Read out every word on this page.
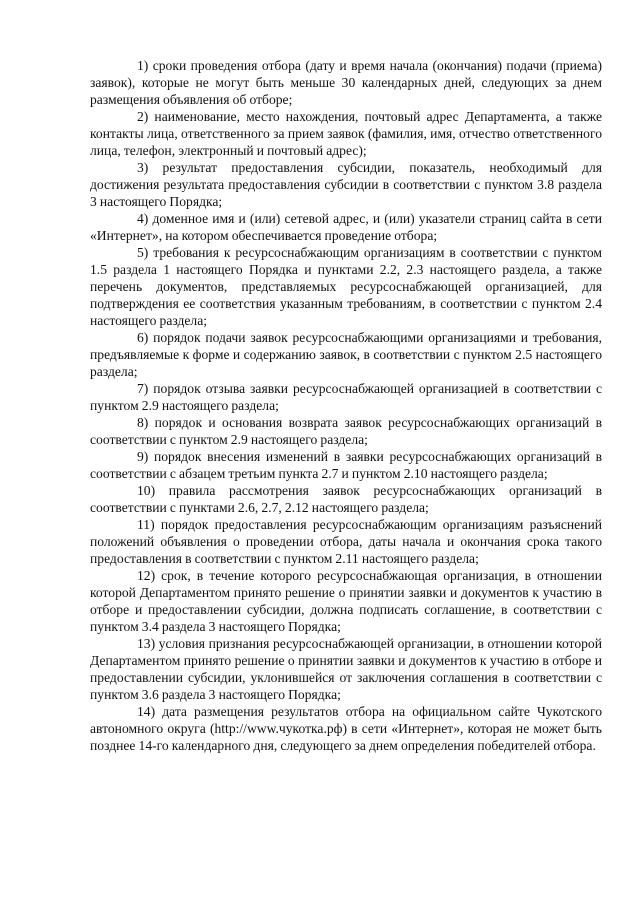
1) сроки проведения отбора (дату и время начала (окончания) подачи (приема) заявок), которые не могут быть меньше 30 календарных дней, следующих за днем размещения объявления об отборе;

2) наименование, место нахождения, почтовый адрес Департамента, а также контакты лица, ответственного за прием заявок (фамилия, имя, отчество ответственного лица, телефон, электронный и почтовый адрес);

3) результат предоставления субсидии, показатель, необходимый для достижения результата предоставления субсидии в соответствии с пунктом 3.8 раздела 3 настоящего Порядка;

4) доменное имя и (или) сетевой адрес, и (или) указатели страниц сайта в сети «Интернет», на котором обеспечивается проведение отбора;

5) требования к ресурсоснабжающим организациям в соответствии с пунктом 1.5 раздела 1 настоящего Порядка и пунктами 2.2, 2.3 настоящего раздела, а также перечень документов, представляемых ресурсоснабжающей организацией, для подтверждения ее соответствия указанным требованиям, в соответствии с пунктом 2.4 настоящего раздела;

6) порядок подачи заявок ресурсоснабжающими организациями и требования, предъявляемые к форме и содержанию заявок, в соответствии с пунктом 2.5 настоящего раздела;

7) порядок отзыва заявки ресурсоснабжающей организацией в соответствии с пунктом 2.9 настоящего раздела;

8) порядок и основания возврата заявок ресурсоснабжающих организаций в соответствии с пунктом 2.9 настоящего раздела;

9) порядок внесения изменений в заявки ресурсоснабжающих организаций в соответствии с абзацем третьим пункта 2.7 и пунктом 2.10 настоящего раздела;

10) правила рассмотрения заявок ресурсоснабжающих организаций в соответствии с пунктами 2.6, 2.7, 2.12 настоящего раздела;

11) порядок предоставления ресурсоснабжающим организациям разъяснений положений объявления о проведении отбора, даты начала и окончания срока такого предоставления в соответствии с пунктом 2.11 настоящего раздела;

12) срок, в течение которого ресурсоснабжающая организация, в отношении которой Департаментом принято решение о принятии заявки и документов к участию в отборе и предоставлении субсидии, должна подписать соглашение, в соответствии с пунктом 3.4 раздела 3 настоящего Порядка;

13) условия признания ресурсоснабжающей организации, в отношении которой Департаментом принято решение о принятии заявки и документов к участию в отборе и предоставлении субсидии, уклонившейся от заключения соглашения в соответствии с пунктом 3.6 раздела 3 настоящего Порядка;

14) дата размещения результатов отбора на официальном сайте Чукотского автономного округа (http://www.чукотка.рф) в сети «Интернет», которая не может быть позднее 14-го календарного дня, следующего за днем определения победителей отбора.
